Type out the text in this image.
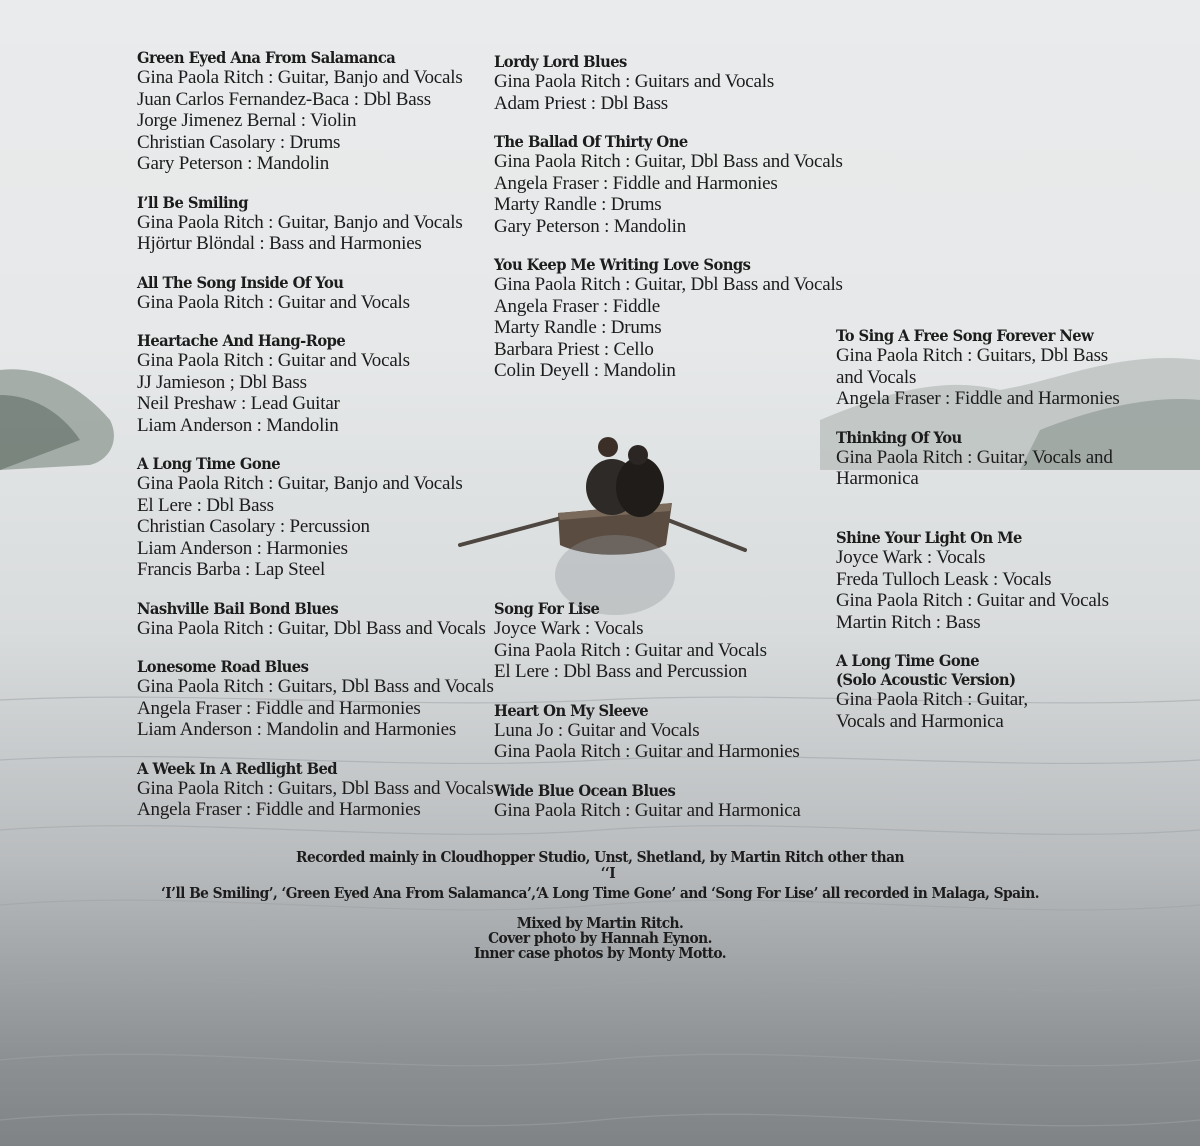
Green Eyed Ana From Salamanca
Gina Paola Ritch : Guitar, Banjo and Vocals
Juan Carlos Fernandez-Baca : Dbl Bass
Jorge Jimenez Bernal : Violin
Christian Casolary : Drums
Gary Peterson : Mandolin
I’ll Be Smiling
Gina Paola Ritch : Guitar, Banjo and Vocals
Hjörtur Blöndal : Bass and Harmonies
All The Song Inside Of You
Gina Paola Ritch : Guitar and Vocals
Heartache And Hang-Rope
Gina Paola Ritch : Guitar and Vocals
JJ Jamieson ; Dbl Bass
Neil Preshaw : Lead Guitar
Liam Anderson : Mandolin
A Long Time Gone
Gina Paola Ritch : Guitar, Banjo and Vocals
El Lere : Dbl Bass
Christian Casolary : Percussion
Liam Anderson : Harmonies
Francis Barba : Lap Steel
Nashville Bail Bond Blues
Gina Paola Ritch : Guitar, Dbl Bass and Vocals
Lonesome Road Blues
Gina Paola Ritch : Guitars, Dbl Bass and Vocals
Angela Fraser : Fiddle and Harmonies
Liam Anderson : Mandolin and Harmonies
A Week In A Redlight Bed
Gina Paola Ritch : Guitars, Dbl Bass and Vocals
Angela Fraser : Fiddle and Harmonies
Lordy Lord Blues
Gina Paola Ritch : Guitars and Vocals
Adam Priest : Dbl Bass
The Ballad Of Thirty One
Gina Paola Ritch : Guitar, Dbl Bass and Vocals
Angela Fraser : Fiddle and Harmonies
Marty Randle : Drums
Gary Peterson : Mandolin
You Keep Me Writing Love Songs
Gina Paola Ritch : Guitar, Dbl Bass and Vocals
Angela Fraser : Fiddle
Marty Randle : Drums
Barbara Priest : Cello
Colin Deyell : Mandolin
Song For Lise
Joyce Wark : Vocals
Gina Paola Ritch : Guitar and Vocals
El Lere : Dbl Bass and Percussion
Heart On My Sleeve
Luna Jo : Guitar and Vocals
Gina Paola Ritch : Guitar and Harmonies
Wide Blue Ocean Blues
Gina Paola Ritch : Guitar and Harmonica
To Sing A Free Song Forever New
Gina Paola Ritch : Guitars, Dbl Bass and Vocals
Angela Fraser : Fiddle and Harmonies
Thinking Of You
Gina Paola Ritch : Guitar, Vocals and Harmonica
Shine Your Light On Me
Joyce Wark : Vocals
Freda Tulloch Leask : Vocals
Gina Paola Ritch : Guitar and Vocals
Martin Ritch : Bass
A Long Time Gone
(Solo Acoustic Version)
Gina Paola Ritch : Guitar, Vocals and Harmonica
Recorded mainly in Cloudhopper Studio, Unst, Shetland, by Martin Ritch other than
‘‘I
‘I’ll Be Smiling’, ‘Green Eyed Ana From Salamanca’,‘A Long Time Gone’ and ‘Song For Lise’ all recorded in Malaga, Spain.
Mixed by Martin Ritch.
Cover photo by Hannah Eynon.
Inner case photos by Monty Motto.
